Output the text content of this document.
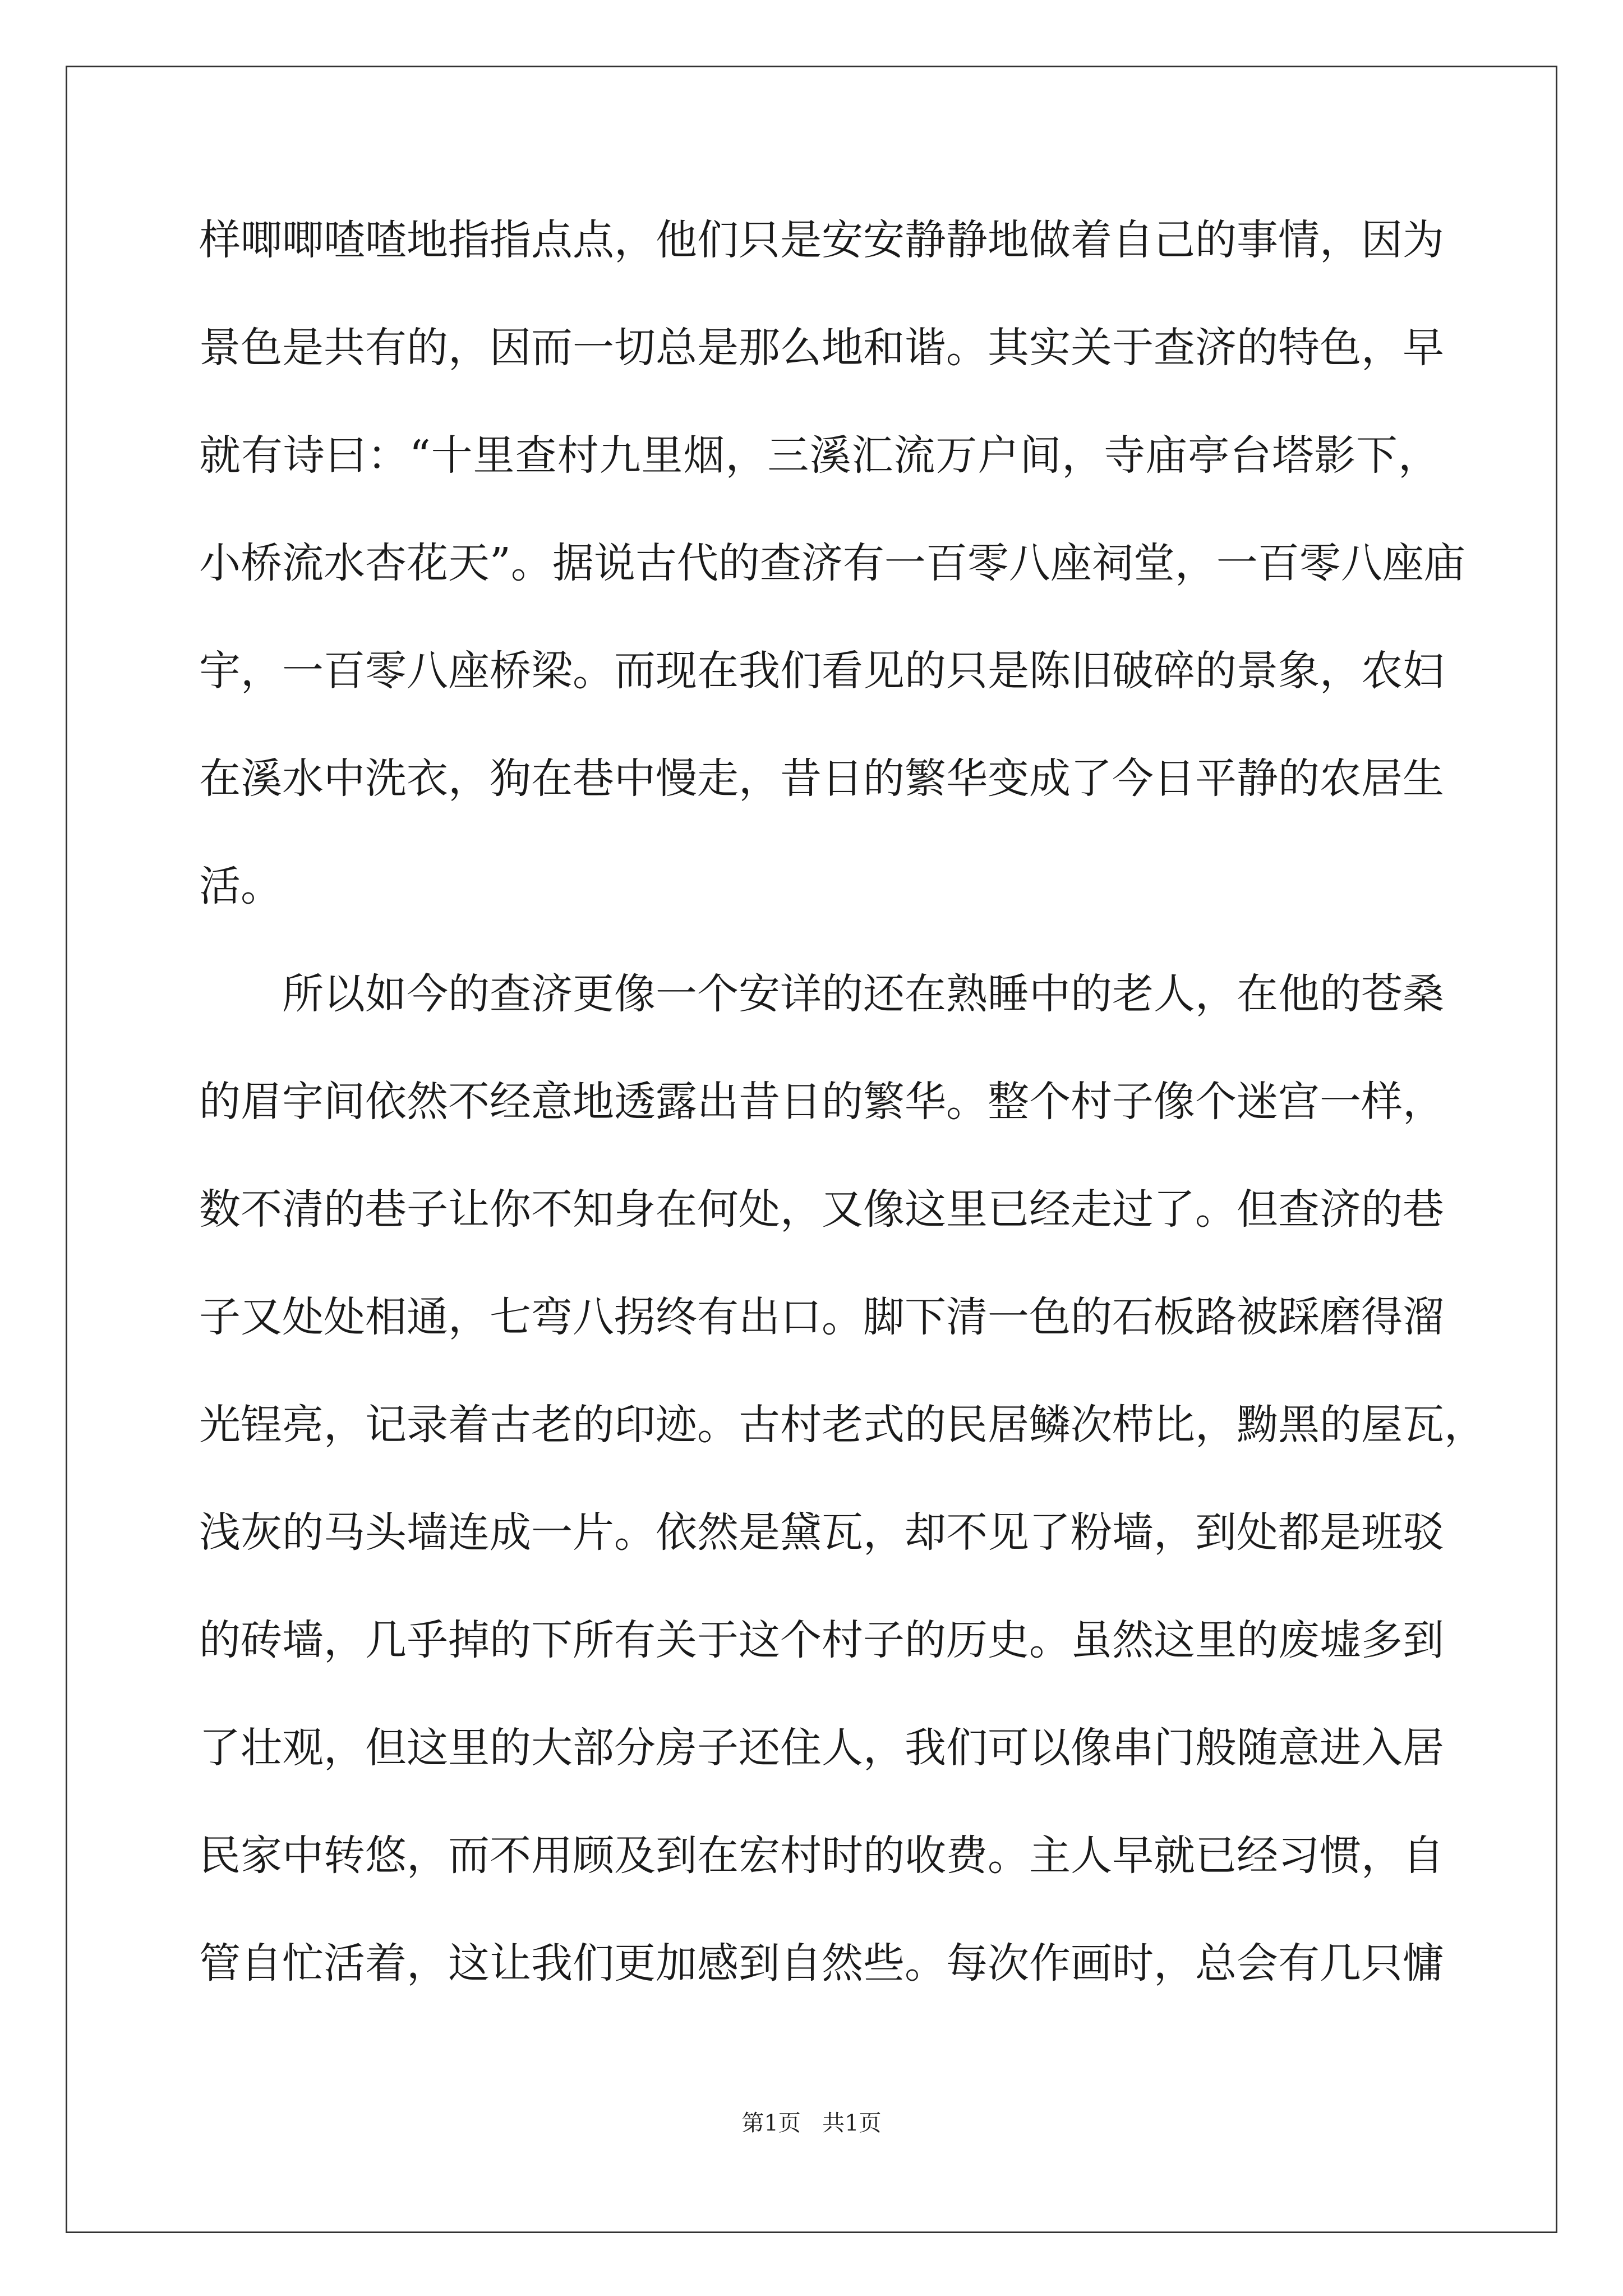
样唧唧喳喳地指指点点，他们只是安安静静地做着自己的事情，因为
景色是共有的，因而一切总是那么地和谐。其实关于查济的特色，早
就有诗曰：“十里查村九里烟，三溪汇流万户间，寺庙亭台塔影下，
小桥流水杏花天”。据说古代的查济有一百零八座祠堂，一百零八座庙
宇，一百零八座桥梁。而现在我们看见的只是陈旧破碎的景象，农妇
在溪水中洗衣，狗在巷中慢走，昔日的繁华变成了今日平静的农居生
活。
所以如今的查济更像一个安详的还在熟睡中的老人，在他的苍桑
的眉宇间依然不经意地透露出昔日的繁华。整个村子像个迷宫一样，
数不清的巷子让你不知身在何处，又像这里已经走过了。但查济的巷
子又处处相通，七弯八拐终有出口。脚下清一色的石板路被踩磨得溜
光锃亮，记录着古老的印迹。古村老式的民居鳞次栉比，黝黑的屋瓦，
浅灰的马头墙连成一片。依然是黛瓦，却不见了粉墙，到处都是班驳
的砖墙，几乎掉的下所有关于这个村子的历史。虽然这里的废墟多到
了壮观，但这里的大部分房子还住人，我们可以像串门般随意进入居
民家中转悠，而不用顾及到在宏村时的收费。主人早就已经习惯，自
管自忙活着，这让我们更加感到自然些。每次作画时，总会有几只慵
第1页 共1页
